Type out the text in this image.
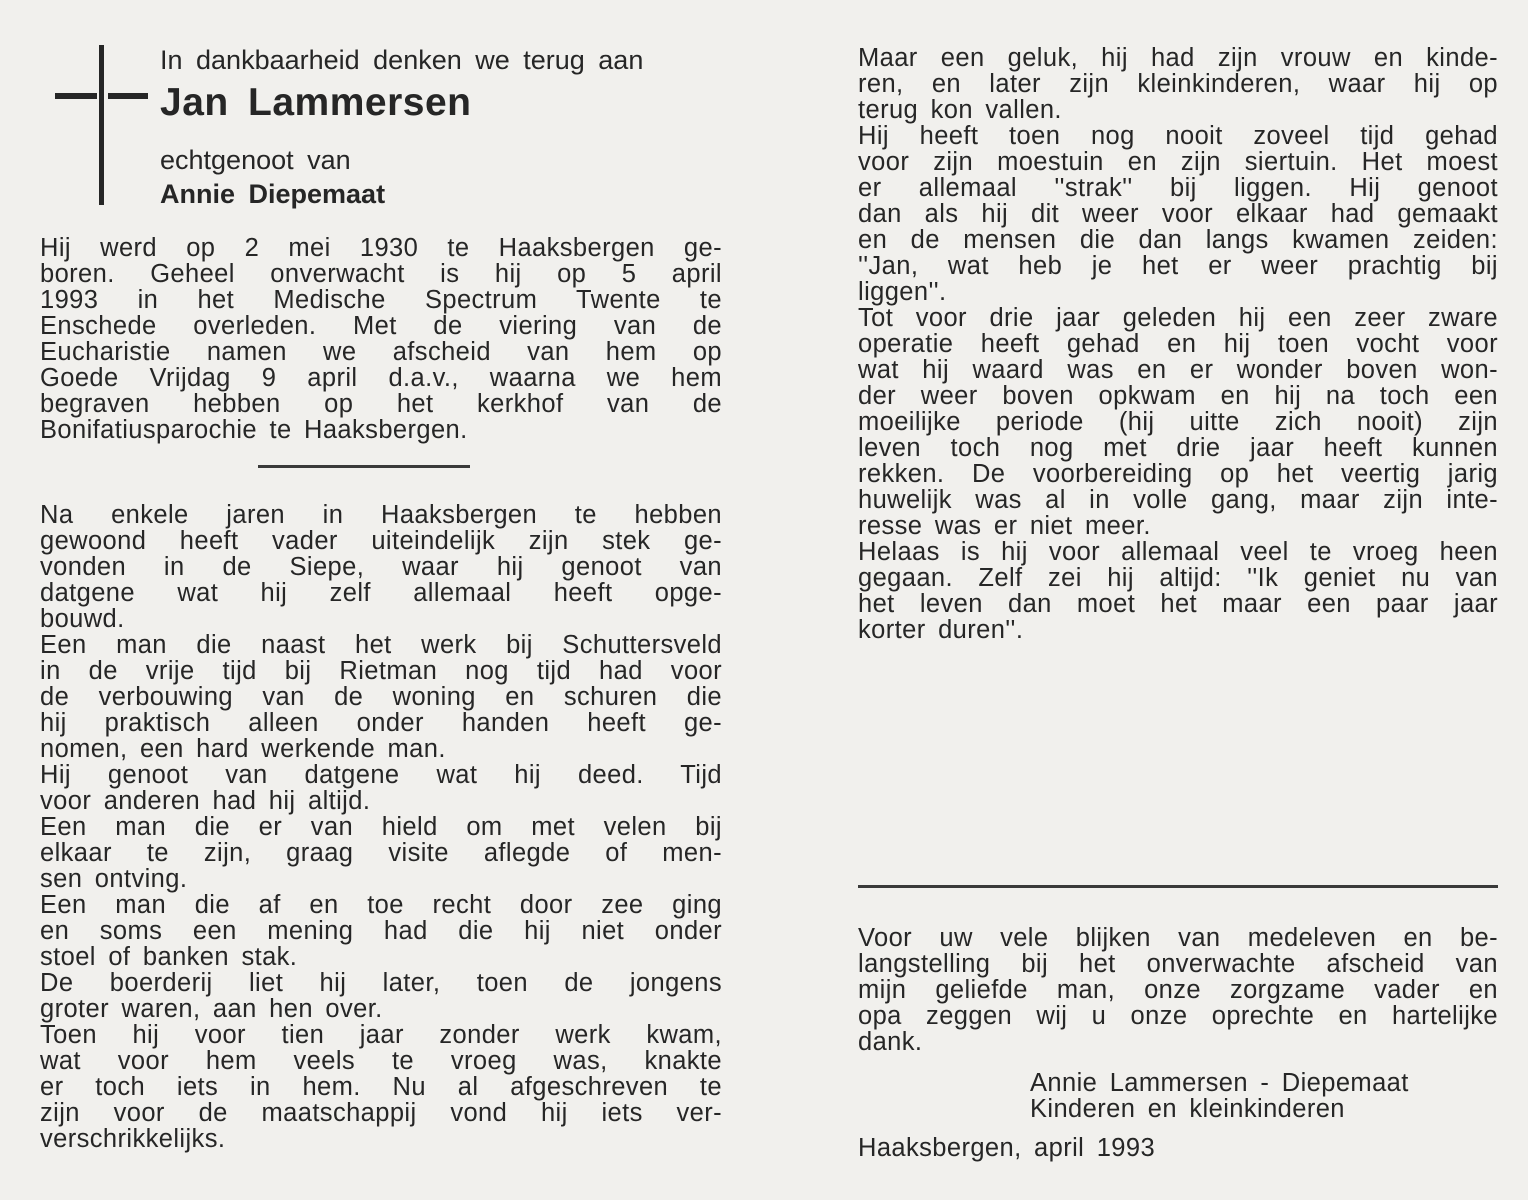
In dankbaarheid denken we terug aan
Jan Lammersen
echtgenoot van
Annie Diepemaat
Hij werd op 2 mei 1930 te Haaksbergen ge-
boren. Geheel onverwacht is hij op 5 april
1993 in het Medische Spectrum Twente te
Enschede overleden. Met de viering van de
Eucharistie namen we afscheid van hem op
Goede Vrijdag 9 april d.a.v., waarna we hem
begraven hebben op het kerkhof van de
Bonifatiusparochie te Haaksbergen.
Na enkele jaren in Haaksbergen te hebben
gewoond heeft vader uiteindelijk zijn stek ge-
vonden in de Siepe, waar hij genoot van
datgene wat hij zelf allemaal heeft opge-
bouwd.
Een man die naast het werk bij Schuttersveld
in de vrije tijd bij Rietman nog tijd had voor
de verbouwing van de woning en schuren die
hij praktisch alleen onder handen heeft ge-
nomen, een hard werkende man.
Hij genoot van datgene wat hij deed. Tijd
voor anderen had hij altijd.
Een man die er van hield om met velen bij
elkaar te zijn, graag visite aflegde of men-
sen ontving.
Een man die af en toe recht door zee ging
en soms een mening had die hij niet onder
stoel of banken stak.
De boerderij liet hij later, toen de jongens
groter waren, aan hen over.
Toen hij voor tien jaar zonder werk kwam,
wat voor hem veels te vroeg was, knakte
er toch iets in hem. Nu al afgeschreven te
zijn voor de maatschappij vond hij iets ver-
verschrikkelijks.
Maar een geluk, hij had zijn vrouw en kinde-
ren, en later zijn kleinkinderen, waar hij op
terug kon vallen.
Hij heeft toen nog nooit zoveel tijd gehad
voor zijn moestuin en zijn siertuin. Het moest
er allemaal ''strak'' bij liggen. Hij genoot
dan als hij dit weer voor elkaar had gemaakt
en de mensen die dan langs kwamen zeiden:
''Jan, wat heb je het er weer prachtig bij
liggen''.
Tot voor drie jaar geleden hij een zeer zware
operatie heeft gehad en hij toen vocht voor
wat hij waard was en er wonder boven won-
der weer boven opkwam en hij na toch een
moeilijke periode (hij uitte zich nooit) zijn
leven toch nog met drie jaar heeft kunnen
rekken. De voorbereiding op het veertig jarig
huwelijk was al in volle gang, maar zijn inte-
resse was er niet meer.
Helaas is hij voor allemaal veel te vroeg heen
gegaan. Zelf zei hij altijd: ''Ik geniet nu van
het leven dan moet het maar een paar jaar
korter duren''.
Voor uw vele blijken van medeleven en be-
langstelling bij het onverwachte afscheid van
mijn geliefde man, onze zorgzame vader en
opa zeggen wij u onze oprechte en hartelijke
dank.
Annie Lammersen - Diepemaat
Kinderen en kleinkinderen
Haaksbergen, april 1993
